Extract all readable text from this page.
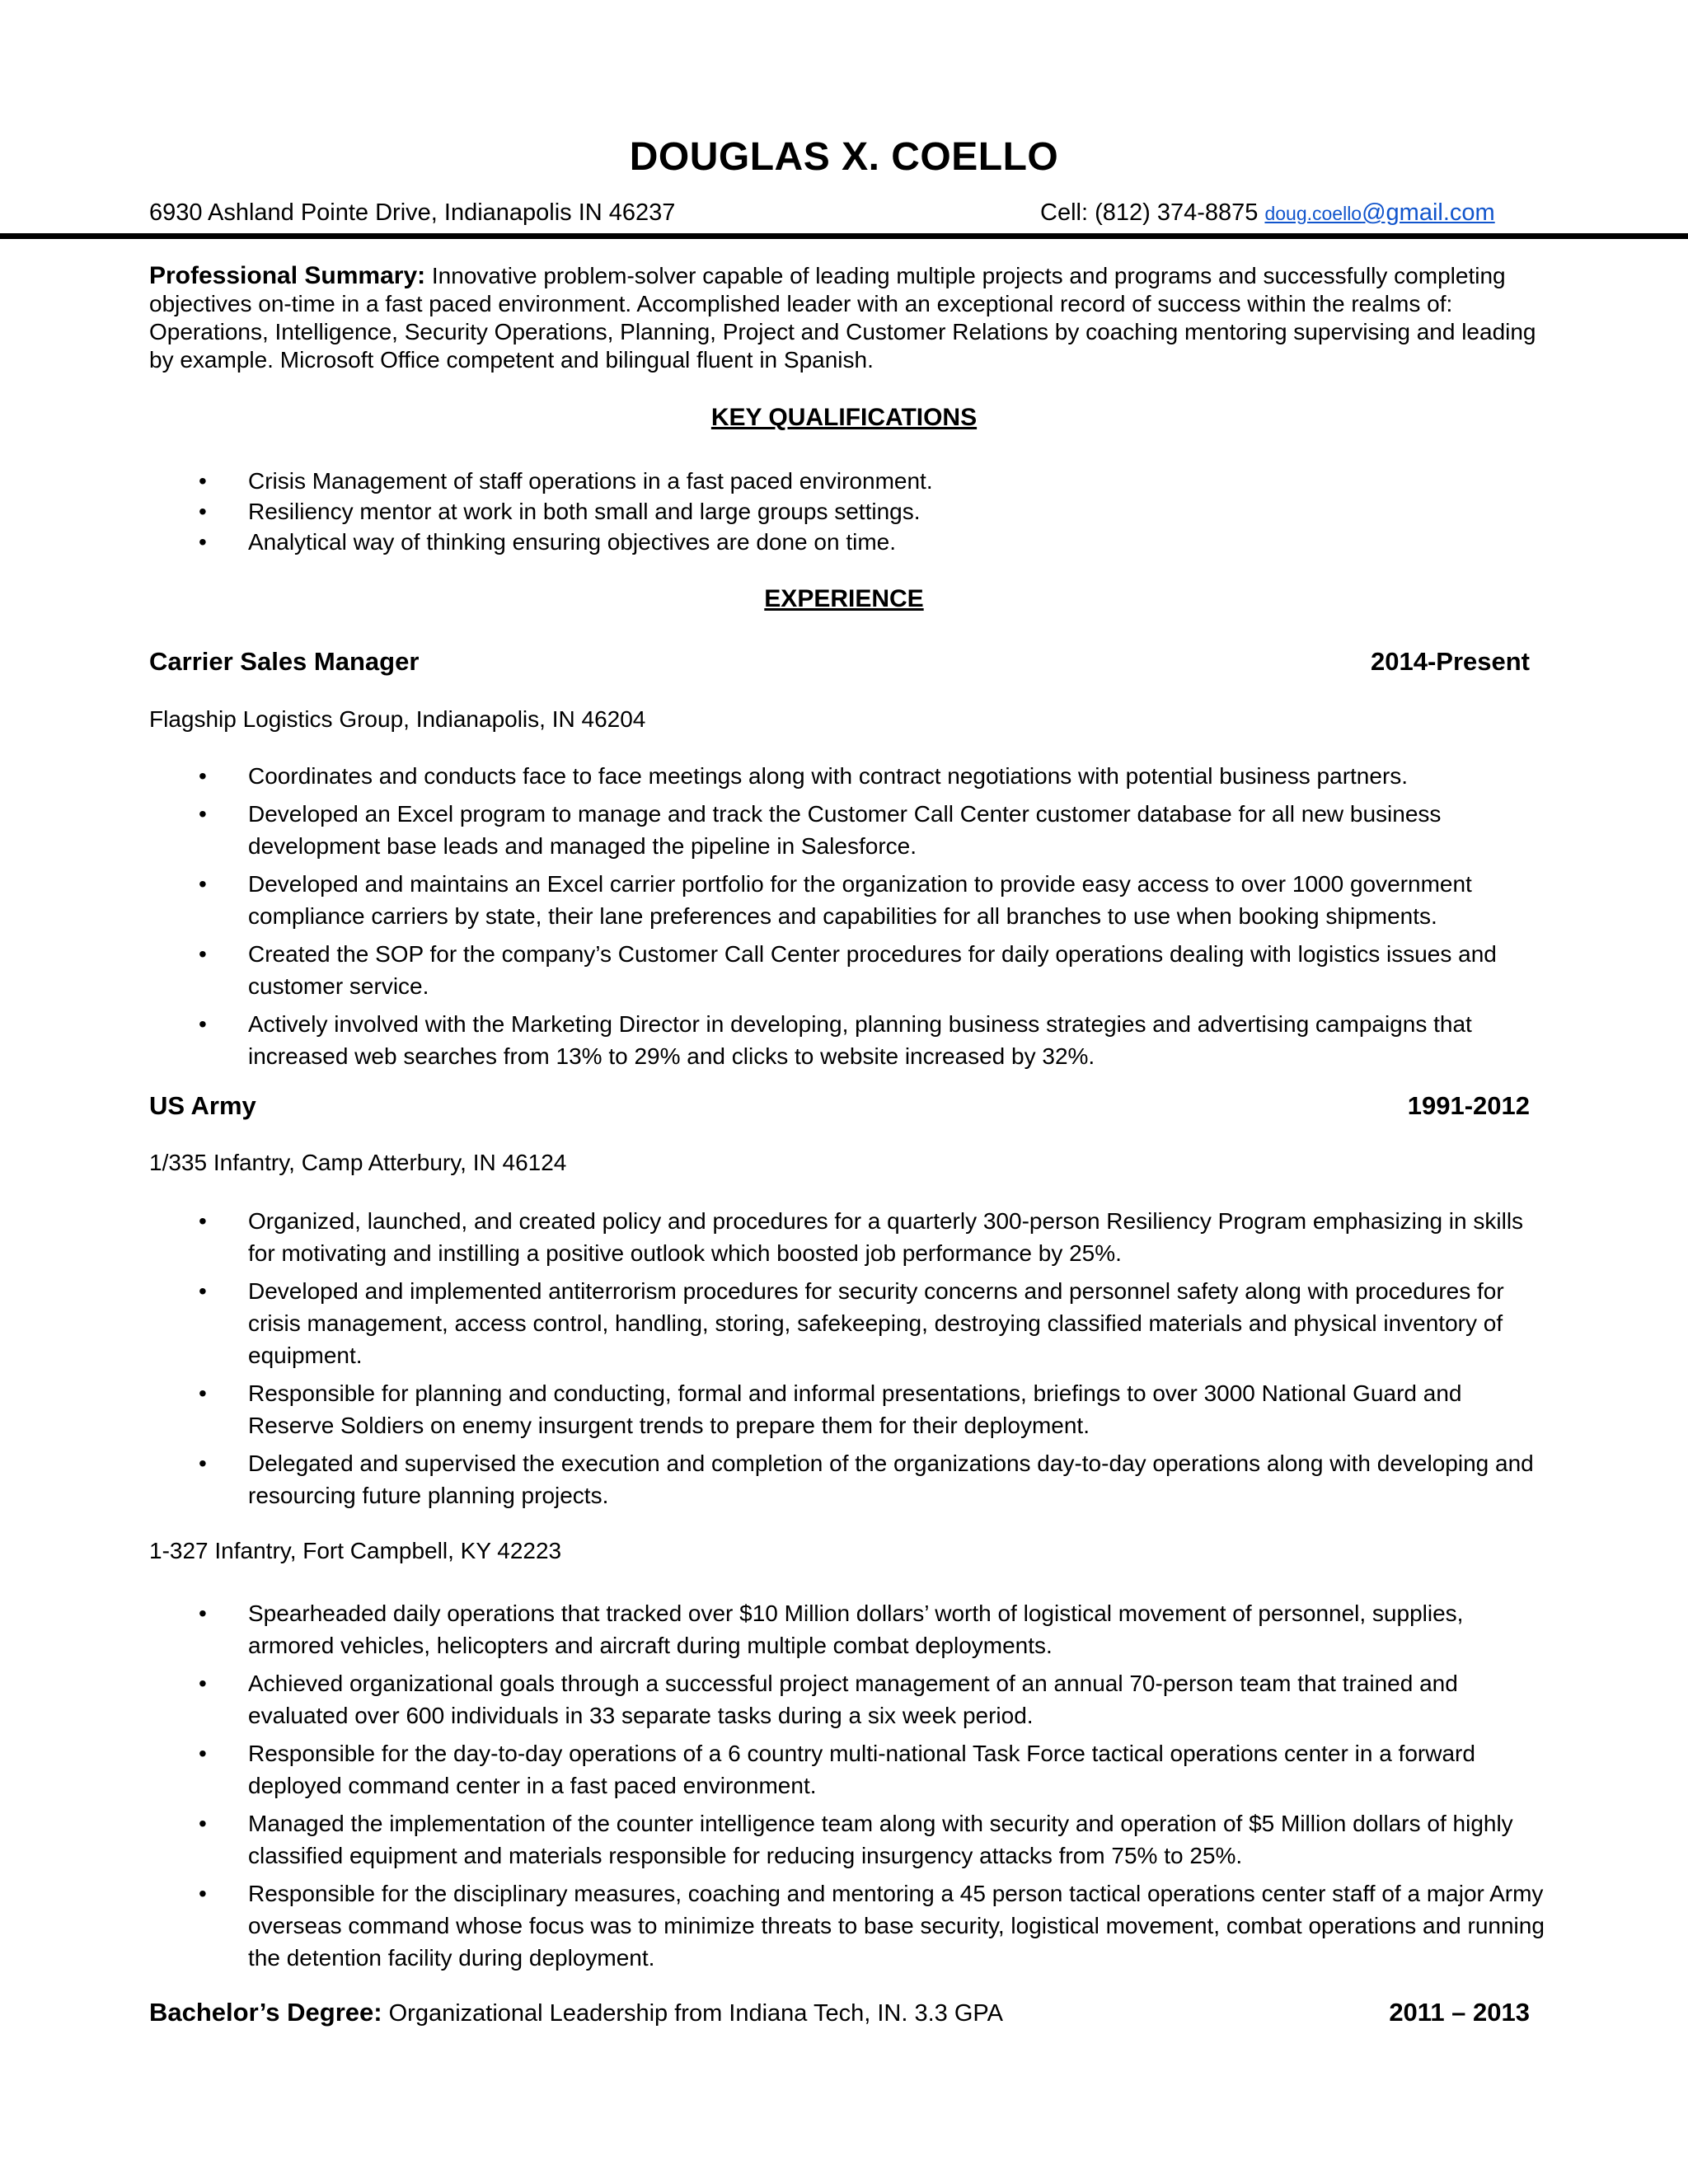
DOUGLAS X. COELLO
6930 Ashland Pointe Drive, Indianapolis IN 46237	Cell: (812) 374-8875 doug.coello@gmail.com
Professional Summary: Innovative problem-solver capable of leading multiple projects and programs and successfully completing objectives on-time in a fast paced environment. Accomplished leader with an exceptional record of success within the realms of: Operations, Intelligence, Security Operations, Planning, Project and Customer Relations by coaching mentoring supervising and leading by example. Microsoft Office competent and bilingual fluent in Spanish.
KEY QUALIFICATIONS
• Crisis Management of staff operations in a fast paced environment.
• Resiliency mentor at work in both small and large groups settings.
• Analytical way of thinking ensuring objectives are done on time.
EXPERIENCE
Carrier Sales Manager	2014-Present
Flagship Logistics Group, Indianapolis, IN 46204
• Coordinates and conducts face to face meetings along with contract negotiations with potential business partners.
• Developed an Excel program to manage and track the Customer Call Center customer database for all new business development base leads and managed the pipeline in Salesforce.
• Developed and maintains an Excel carrier portfolio for the organization to provide easy access to over 1000 government compliance carriers by state, their lane preferences and capabilities for all branches to use when booking shipments.
• Created the SOP for the company’s Customer Call Center procedures for daily operations dealing with logistics issues and customer service.
• Actively involved with the Marketing Director in developing, planning business strategies and advertising campaigns that increased web searches from 13% to 29% and clicks to website increased by 32%.
US Army	1991-2012
1/335 Infantry, Camp Atterbury, IN 46124
• Organized, launched, and created policy and procedures for a quarterly 300-person Resiliency Program emphasizing in skills for motivating and instilling a positive outlook which boosted job performance by 25%.
• Developed and implemented antiterrorism procedures for security concerns and personnel safety along with procedures for crisis management, access control, handling, storing, safekeeping, destroying classified materials and physical inventory of equipment.
• Responsible for planning and conducting, formal and informal presentations, briefings to over 3000 National Guard and Reserve Soldiers on enemy insurgent trends to prepare them for their deployment.
• Delegated and supervised the execution and completion of the organizations day-to-day operations along with developing and resourcing future planning projects.
1-327 Infantry, Fort Campbell, KY 42223
• Spearheaded daily operations that tracked over $10 Million dollars’ worth of logistical movement of personnel, supplies, armored vehicles, helicopters and aircraft during multiple combat deployments.
• Achieved organizational goals through a successful project management of an annual 70-person team that trained and evaluated over 600 individuals in 33 separate tasks during a six week period.
• Responsible for the day-to-day operations of a 6 country multi-national Task Force tactical operations center in a forward deployed command center in a fast paced environment.
• Managed the implementation of the counter intelligence team along with security and operation of $5 Million dollars of highly classified equipment and materials responsible for reducing insurgency attacks from 75% to 25%.
• Responsible for the disciplinary measures, coaching and mentoring a 45 person tactical operations center staff of a major Army overseas command whose focus was to minimize threats to base security, logistical movement, combat operations and running the detention facility during deployment.
Bachelor’s Degree: Organizational Leadership from Indiana Tech, IN. 3.3 GPA	2011 – 2013
